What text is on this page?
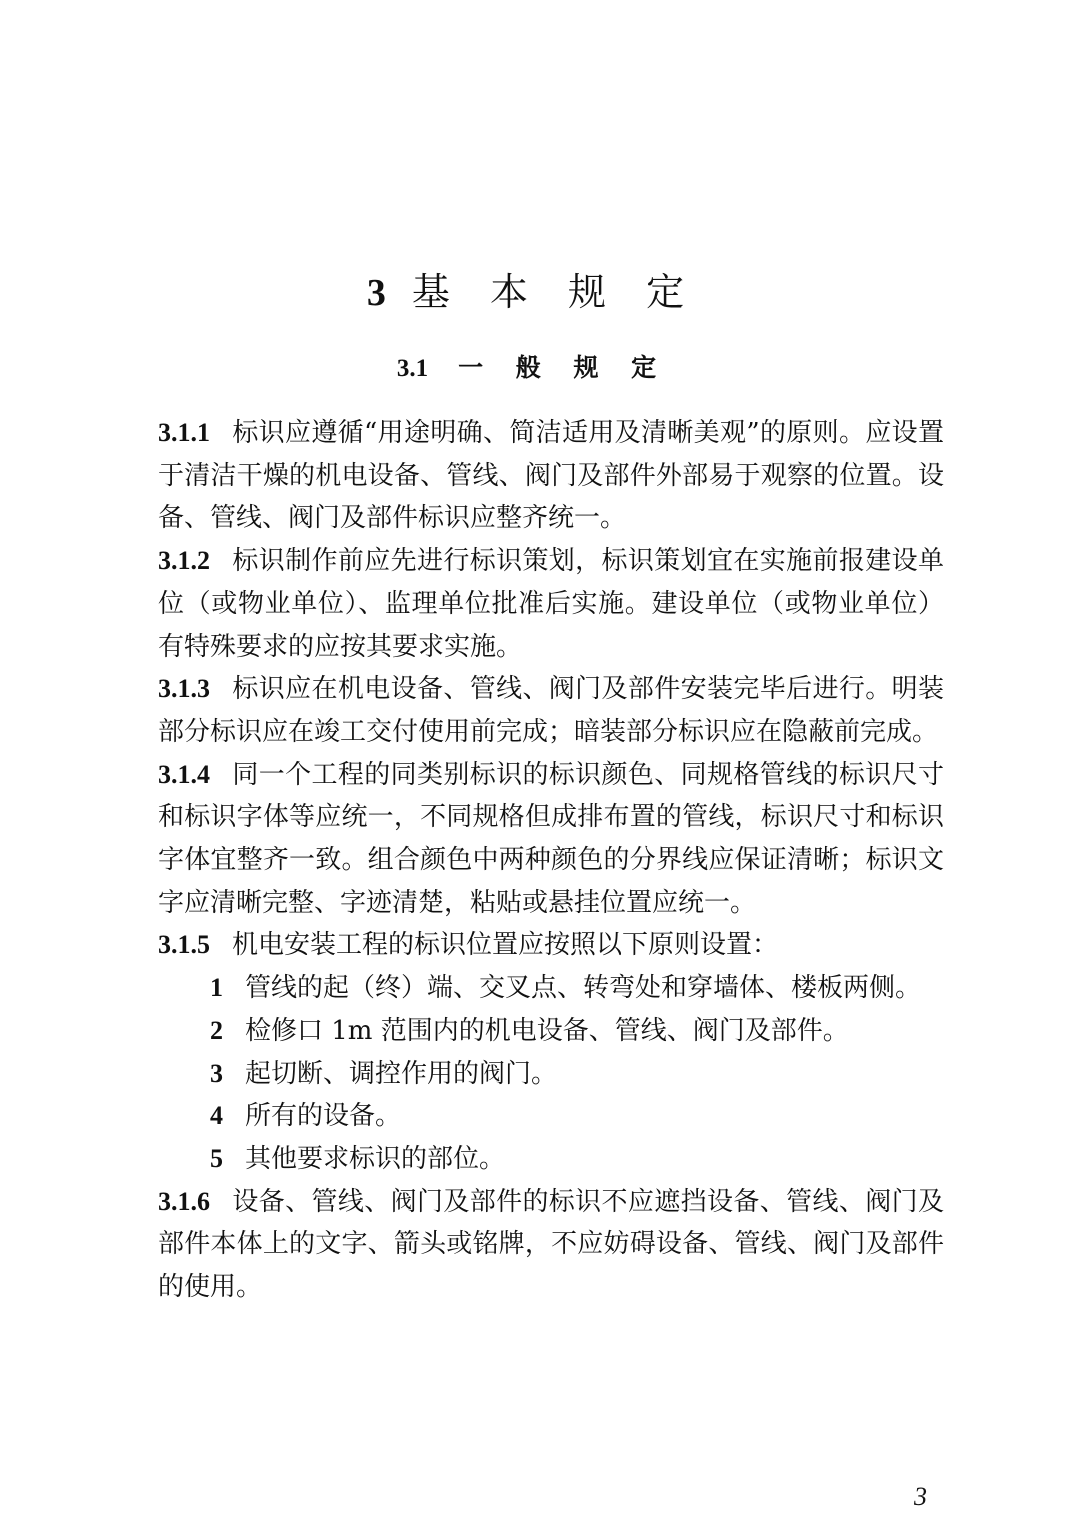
3 基 本 规 定
3.1 一 般 规 定

3.1.1 标识应遵循“用途明确、简洁适用及清晰美观”的原则。应设置于清洁干燥的机电设备、管线、阀门及部件外部易于观察的位置。设备、管线、阀门及部件标识应整齐统一。

3.1.2 标识制作前应先进行标识策划，标识策划宜在实施前报建设单位（或物业单位）、监理单位批准后实施。建设单位（或物业单位）有特殊要求的应按其要求实施。

3.1.3 标识应在机电设备、管线、阀门及部件安装完毕后进行。明装部分标识应在竣工交付使用前完成；暗装部分标识应在隐蔽前完成。

3.1.4 同一个工程的同类别标识的标识颜色、同规格管线的标识尺寸和标识字体等应统一，不同规格但成排布置的管线，标识尺寸和标识字体宜整齐一致。组合颜色中两种颜色的分界线应保证清晰；标识文字应清晰完整、字迹清楚，粘贴或悬挂位置应统一。

3.1.5 机电安装工程的标识位置应按照以下原则设置：

1 管线的起（终）端、交叉点、转弯处和穿墙体、楼板两侧。

2 检修口 1m 范围内的机电设备、管线、阀门及部件。

3 起切断、调控作用的阀门。

4 所有的设备。

5 其他要求标识的部位。

3.1.6 设备、管线、阀门及部件的标识不应遮挡设备、管线、阀门及部件本体上的文字、箭头或铭牌，不应妨碍设备、管线、阀门及部件的使用。

3
